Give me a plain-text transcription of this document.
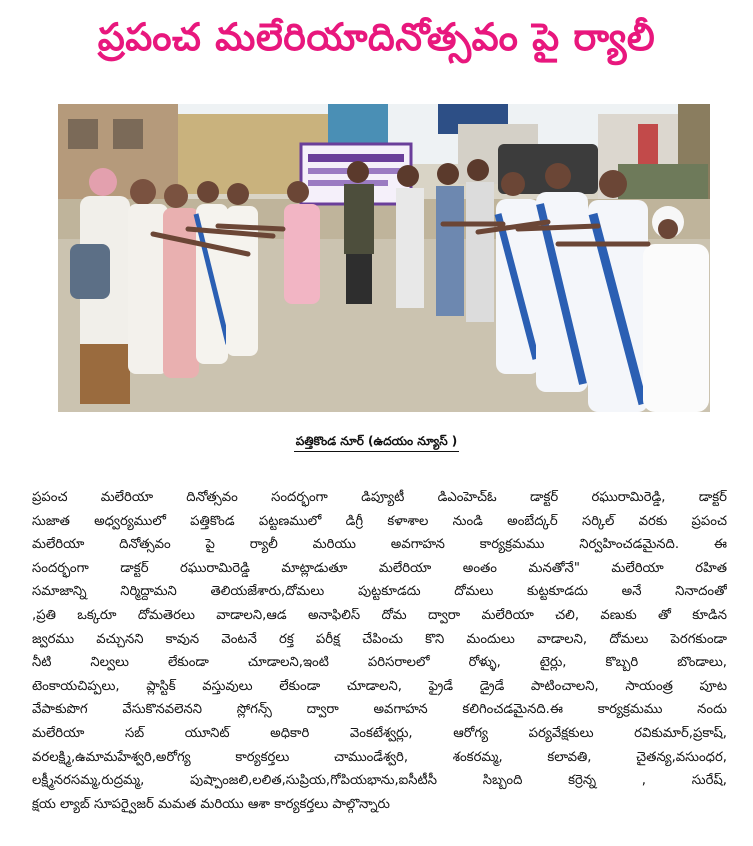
ప్రపంచ మలేరియాదినోత్సవం పై ర్యాలీ
పత్తికొండ నూర్ (ఉదయం న్యూస్ )
ప్రపంచ మలేరియా దినోత్సవం సందర్భంగా డిప్యూటీ డిఎంహెచ్ఓ డాక్టర్ రఘురామిరెడ్డి, డాక్టర్
సుజాత అధ్వర్యములో పత్తికొండ పట్టణములో డిగ్రీ కళాశాల నుండి అంబేద్కర్ సర్కిల్ వరకు ప్రపంచ
మలేరియా దినోత్సవం పై ర్యాలీ మరియు అవగాహన కార్యక్రమము నిర్వహించడమైనది. ఈ
సందర్భంగా డాక్టర్ రఘురామిరెడ్డి మాట్లాడుతూ మలేరియా అంతం మనతోనే" మలేరియా రహిత
సమాజాన్ని నిర్మిద్దామని తెలియజేశారు,దోమలు పుట్టకూడదు దోమలు కుట్టకూడదు అనే నినాదంతో
,ప్రతి ఒక్కరూ దోమతెరలు వాడాలని,ఆడ అనాఫిలిస్ దోమ ద్వారా మలేరియా చలి, వణుకు తో కూడిన
జ్వరము వచ్చునని కావున వెంటనే రక్త పరీక్ష చేపించు కొని మందులు వాడాలని, దోమలు పెరగకుండా
నీటి నిల్వలు లేకుండా చూడాలని,ఇంటి పరిసరాలలో రోళ్ళు, టైర్లు, కొబ్బరి బొండాలు,
టెంకాయచిప్పలు, ప్లాస్టిక్ వస్తువులు లేకుండా చూడాలని, ఫ్రైడే డ్రైడే పాటించాలని, సాయంత్ర పూట
వేపాకుపొగ వేసుకొనవలెనని స్లోగన్స్ ద్వారా అవగాహన కలిగించడమైనది.ఈ కార్యక్రమము నందు
మలేరియా సబ్ యూనిట్ అధికారి వెంకటేశ్వర్లు, ఆరోగ్య పర్యవేక్షకులు రవికుమార్,ప్రకాష్,
వరలక్ష్మి,ఉమామహేశ్వరి,అరోగ్య కార్యకర్తలు చాముండేశ్వరి, శంకరమ్మ, కలావతి, చైతన్య,వసుంధర,
లక్ష్మీనరసమ్మ,రుద్రమ్మ, పుష్పాంజలి,లలిత,సుప్రియ,గోపియభాను,ఐసీటీసీ సిబ్బంది కర్రెన్న , సురేష్,
క్షయ ల్యాబ్ సూపర్వైజర్ మమత మరియు ఆశా కార్యకర్తలు పాల్గొన్నారు
